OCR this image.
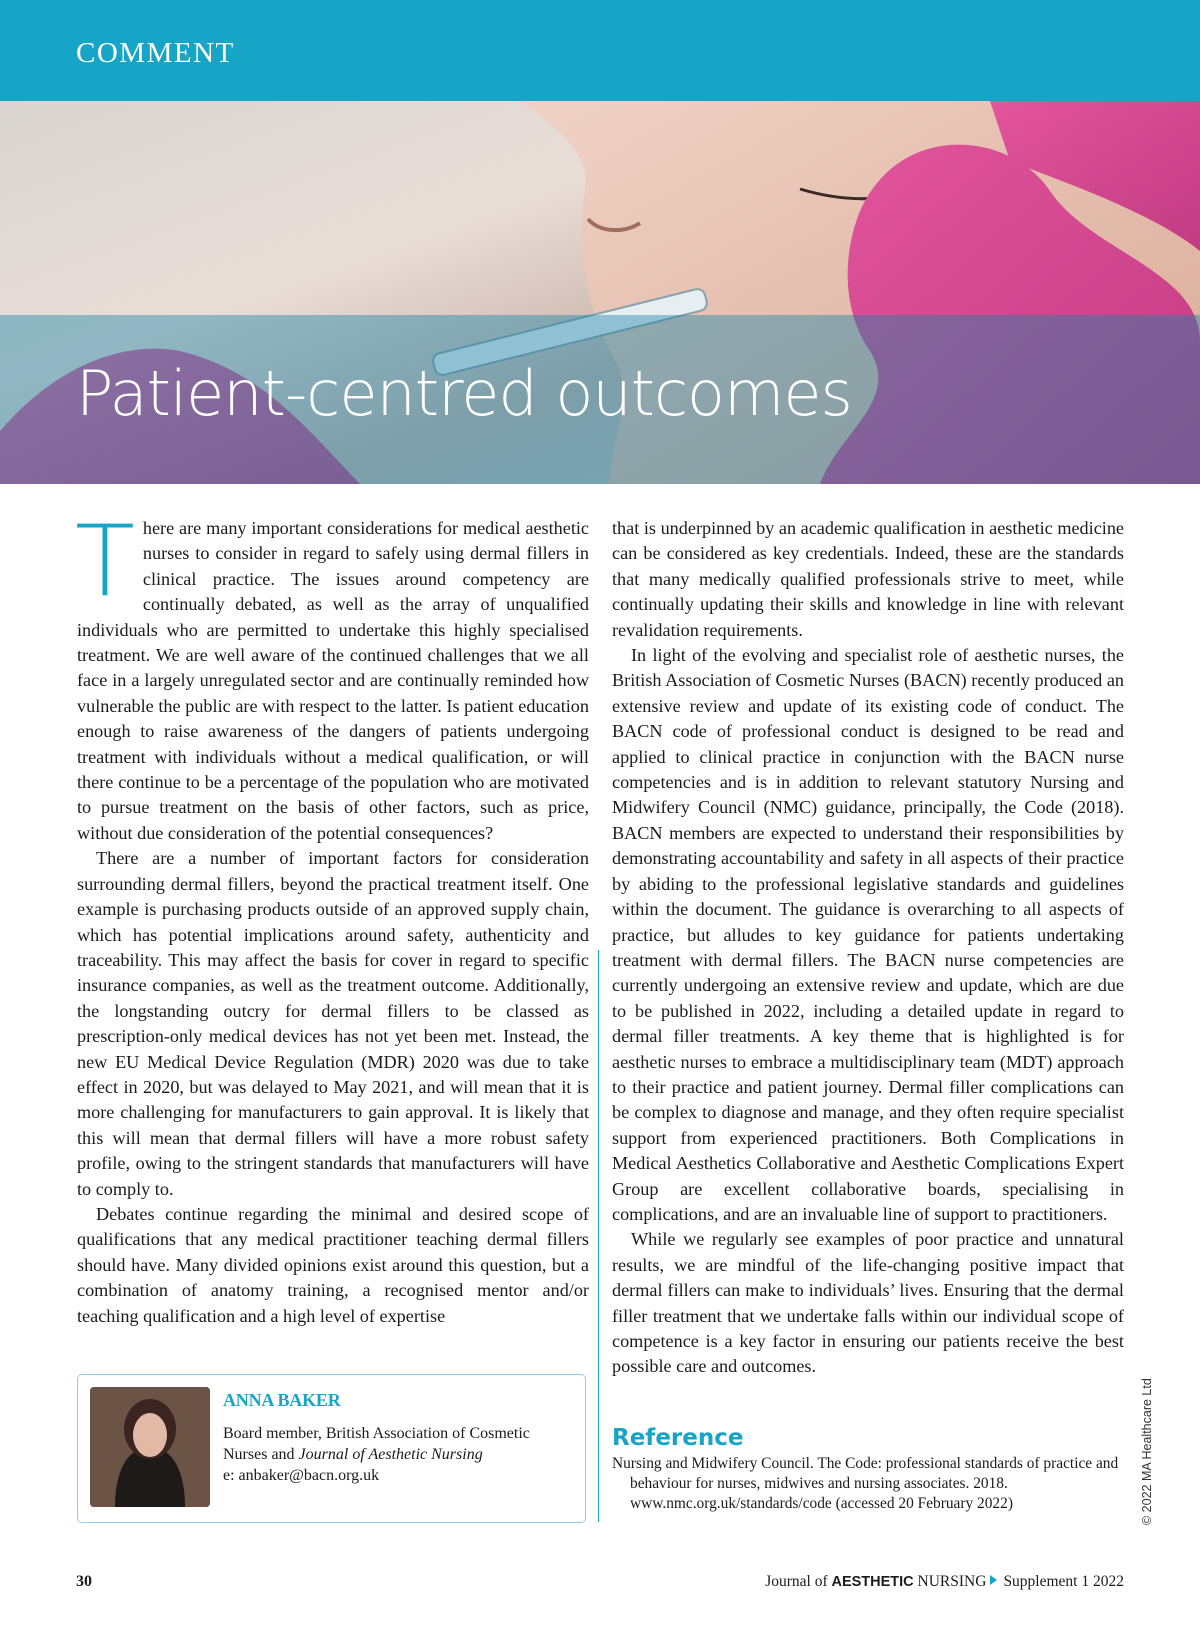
COMMENT
Patient-centred outcomes

There are many important considerations for medical aesthetic nurses to consider in regard to safely using dermal fillers in clinical practice. The issues around competency are continually debated, as well as the array of unqualified individuals who are permitted to undertake this highly specialised treatment. We are well aware of the continued challenges that we all face in a largely unregulated sector and are continually reminded how vulnerable the public are with respect to the latter. Is patient education enough to raise awareness of the dangers of patients undergoing treatment with individuals without a medical qualification, or will there continue to be a percentage of the population who are motivated to pursue treatment on the basis of other factors, such as price, without due consideration of the potential consequences?

There are a number of important factors for consideration surrounding dermal fillers, beyond the practical treatment itself. One example is purchasing products outside of an approved supply chain, which has potential implications around safety, authenticity and traceability. This may affect the basis for cover in regard to specific insurance companies, as well as the treatment outcome. Additionally, the longstanding outcry for dermal fillers to be classed as prescription-only medical devices has not yet been met. Instead, the new EU Medical Device Regulation (MDR) 2020 was due to take effect in 2020, but was delayed to May 2021, and will mean that it is more challenging for manufacturers to gain approval. It is likely that this will mean that dermal fillers will have a more robust safety profile, owing to the stringent standards that manufacturers will have to comply to.

Debates continue regarding the minimal and desired scope of qualifications that any medical practitioner teaching dermal fillers should have. Many divided opinions exist around this question, but a combination of anatomy training, a recognised mentor and/or teaching qualification and a high level of expertise

that is underpinned by an academic qualification in aesthetic medicine can be considered as key credentials. Indeed, these are the standards that many medically qualified professionals strive to meet, while continually updating their skills and knowledge in line with relevant revalidation requirements.

In light of the evolving and specialist role of aesthetic nurses, the British Association of Cosmetic Nurses (BACN) recently produced an extensive review and update of its existing code of conduct. The BACN code of professional conduct is designed to be read and applied to clinical practice in conjunction with the BACN nurse competencies and is in addition to relevant statutory Nursing and Midwifery Council (NMC) guidance, principally, the Code (2018). BACN members are expected to understand their responsibilities by demonstrating accountability and safety in all aspects of their practice by abiding to the professional legislative standards and guidelines within the document. The guidance is overarching to all aspects of practice, but alludes to key guidance for patients undertaking treatment with dermal fillers. The BACN nurse competencies are currently undergoing an extensive review and update, which are due to be published in 2022, including a detailed update in regard to dermal filler treatments. A key theme that is highlighted is for aesthetic nurses to embrace a multidisciplinary team (MDT) approach to their practice and patient journey. Dermal filler complications can be complex to diagnose and manage, and they often require specialist support from experienced practitioners. Both Complications in Medical Aesthetics Collaborative and Aesthetic Complications Expert Group are excellent collaborative boards, specialising in complications, and are an invaluable line of support to practitioners.

While we regularly see examples of poor practice and unnatural results, we are mindful of the life-changing positive impact that dermal fillers can make to individuals’ lives. Ensuring that the dermal filler treatment that we undertake falls within our individual scope of competence is a key factor in ensuring our patients receive the best possible care and outcomes.

ANNA BAKER
Board member, British Association of Cosmetic Nurses and Journal of Aesthetic Nursing
e: anbaker@bacn.org.uk
Reference
Nursing and Midwifery Council. The Code: professional standards of practice and behaviour for nurses, midwives and nursing associates. 2018. www.nmc.org.uk/standards/code (accessed 20 February 2022)	© 2022 MA Healthcare Ltd
30	Journal of AESTHETIC NURSING Supplement 1 2022
